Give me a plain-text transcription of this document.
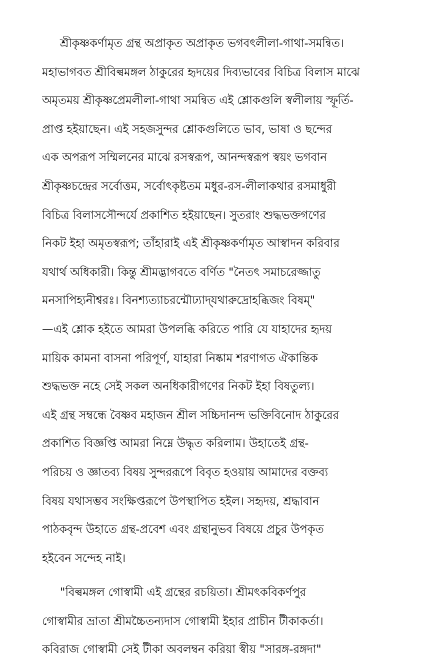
শ্রীকৃষ্ণকর্ণামৃত গ্রন্থ অপ্রাকৃত অপ্রাকৃত ভগবৎলীলা-গাথা-সমন্বিত।
মহাভাগবত শ্রীবিল্বমঙ্গল ঠাকুরের হৃদয়ের দিব্যভাবের বিচিত্র বিলাস মাঝে
অমৃতময় শ্রীকৃষ্ণপ্রেমলীলা-গাথা সমন্বিত এই শ্লোকগুলি স্বলীলায় স্ফূর্তি-
প্রাপ্ত হইয়াছেন। এই সহজসুন্দর শ্লোকগুলিতে ভাব, ভাষা ও ছন্দের
এক অপরূপ সম্মিলনের মাঝে রসস্বরূপ, আনন্দস্বরূপ স্বয়ং ভগবান
শ্রীকৃষ্ণচন্দ্রের সর্বোত্তম, সর্বোৎকৃষ্টতম মধুর-রস-লীলাকথার রসমাধুরী
বিচিত্র বিলাসসৌন্দর্যে প্রকাশিত হইয়াছেন। সুতরাং শুদ্ধভক্তগণের
নিকট ইহা অমৃতস্বরূপ; তাঁহারাই এই শ্রীকৃষ্ণকর্ণামৃত আস্বাদন করিবার
যথার্থ অধিকারী। কিন্তু শ্রীমদ্ভাগবতে বর্ণিত "নৈতৎ সমাচরেজ্জাতু
মনসাপিহ্যনীশ্বরঃ। বিনশ্যত্যাচরন্মৌঢ্যাদ্‌যথারুদ্রোহব্ধিজং বিষম্‌"
—এই শ্লোক হইতে আমরা উপলব্ধি করিতে পারি যে যাহাদের হৃদয়
মায়িক কামনা বাসনা পরিপূর্ণ, যাহারা নিষ্কাম শরণাগত ঐকান্তিক
শুদ্ধভক্ত নহে সেই সকল অনধিকারীগণের নিকট ইহা বিষতুল্য।
এই গ্রন্থ সম্বন্ধে বৈষ্ণব মহাজন শ্রীল সচ্চিদানন্দ ভক্তিবিনোদ ঠাকুরের
প্রকাশিত বিজ্ঞপ্তি আমরা নিম্নে উদ্ধৃত করিলাম। উহাতেই গ্রন্থ-
পরিচয় ও জ্ঞাতব্য বিষয় সুন্দররূপে বিবৃত হওয়ায় আমাদের বক্তব্য
বিষয় যথাসম্ভব সংক্ষিপ্তরূপে উপস্থাপিত হইল। সহৃদয়, শ্রদ্ধাবান
পাঠকবৃন্দ উহাতে গ্রন্থ-প্রবেশ এবং গ্রন্থানুভব বিষয়ে প্রচুর উপকৃত
হইবেন সন্দেহ নাই।

"বিল্বমঙ্গল গোস্বামী এই গ্রন্থের রচয়িতা। শ্রীমৎকবিকর্ণপুর
গোস্বামীর ভ্রাতা শ্রীমচ্চৈতন্যদাস গোস্বামী ইহার প্রাচীন টীকাকর্তা।
কবিরাজ গোস্বামী সেই টীকা অবলম্বন করিয়া স্বীয় "সারঙ্গ-রঙ্গদা"
